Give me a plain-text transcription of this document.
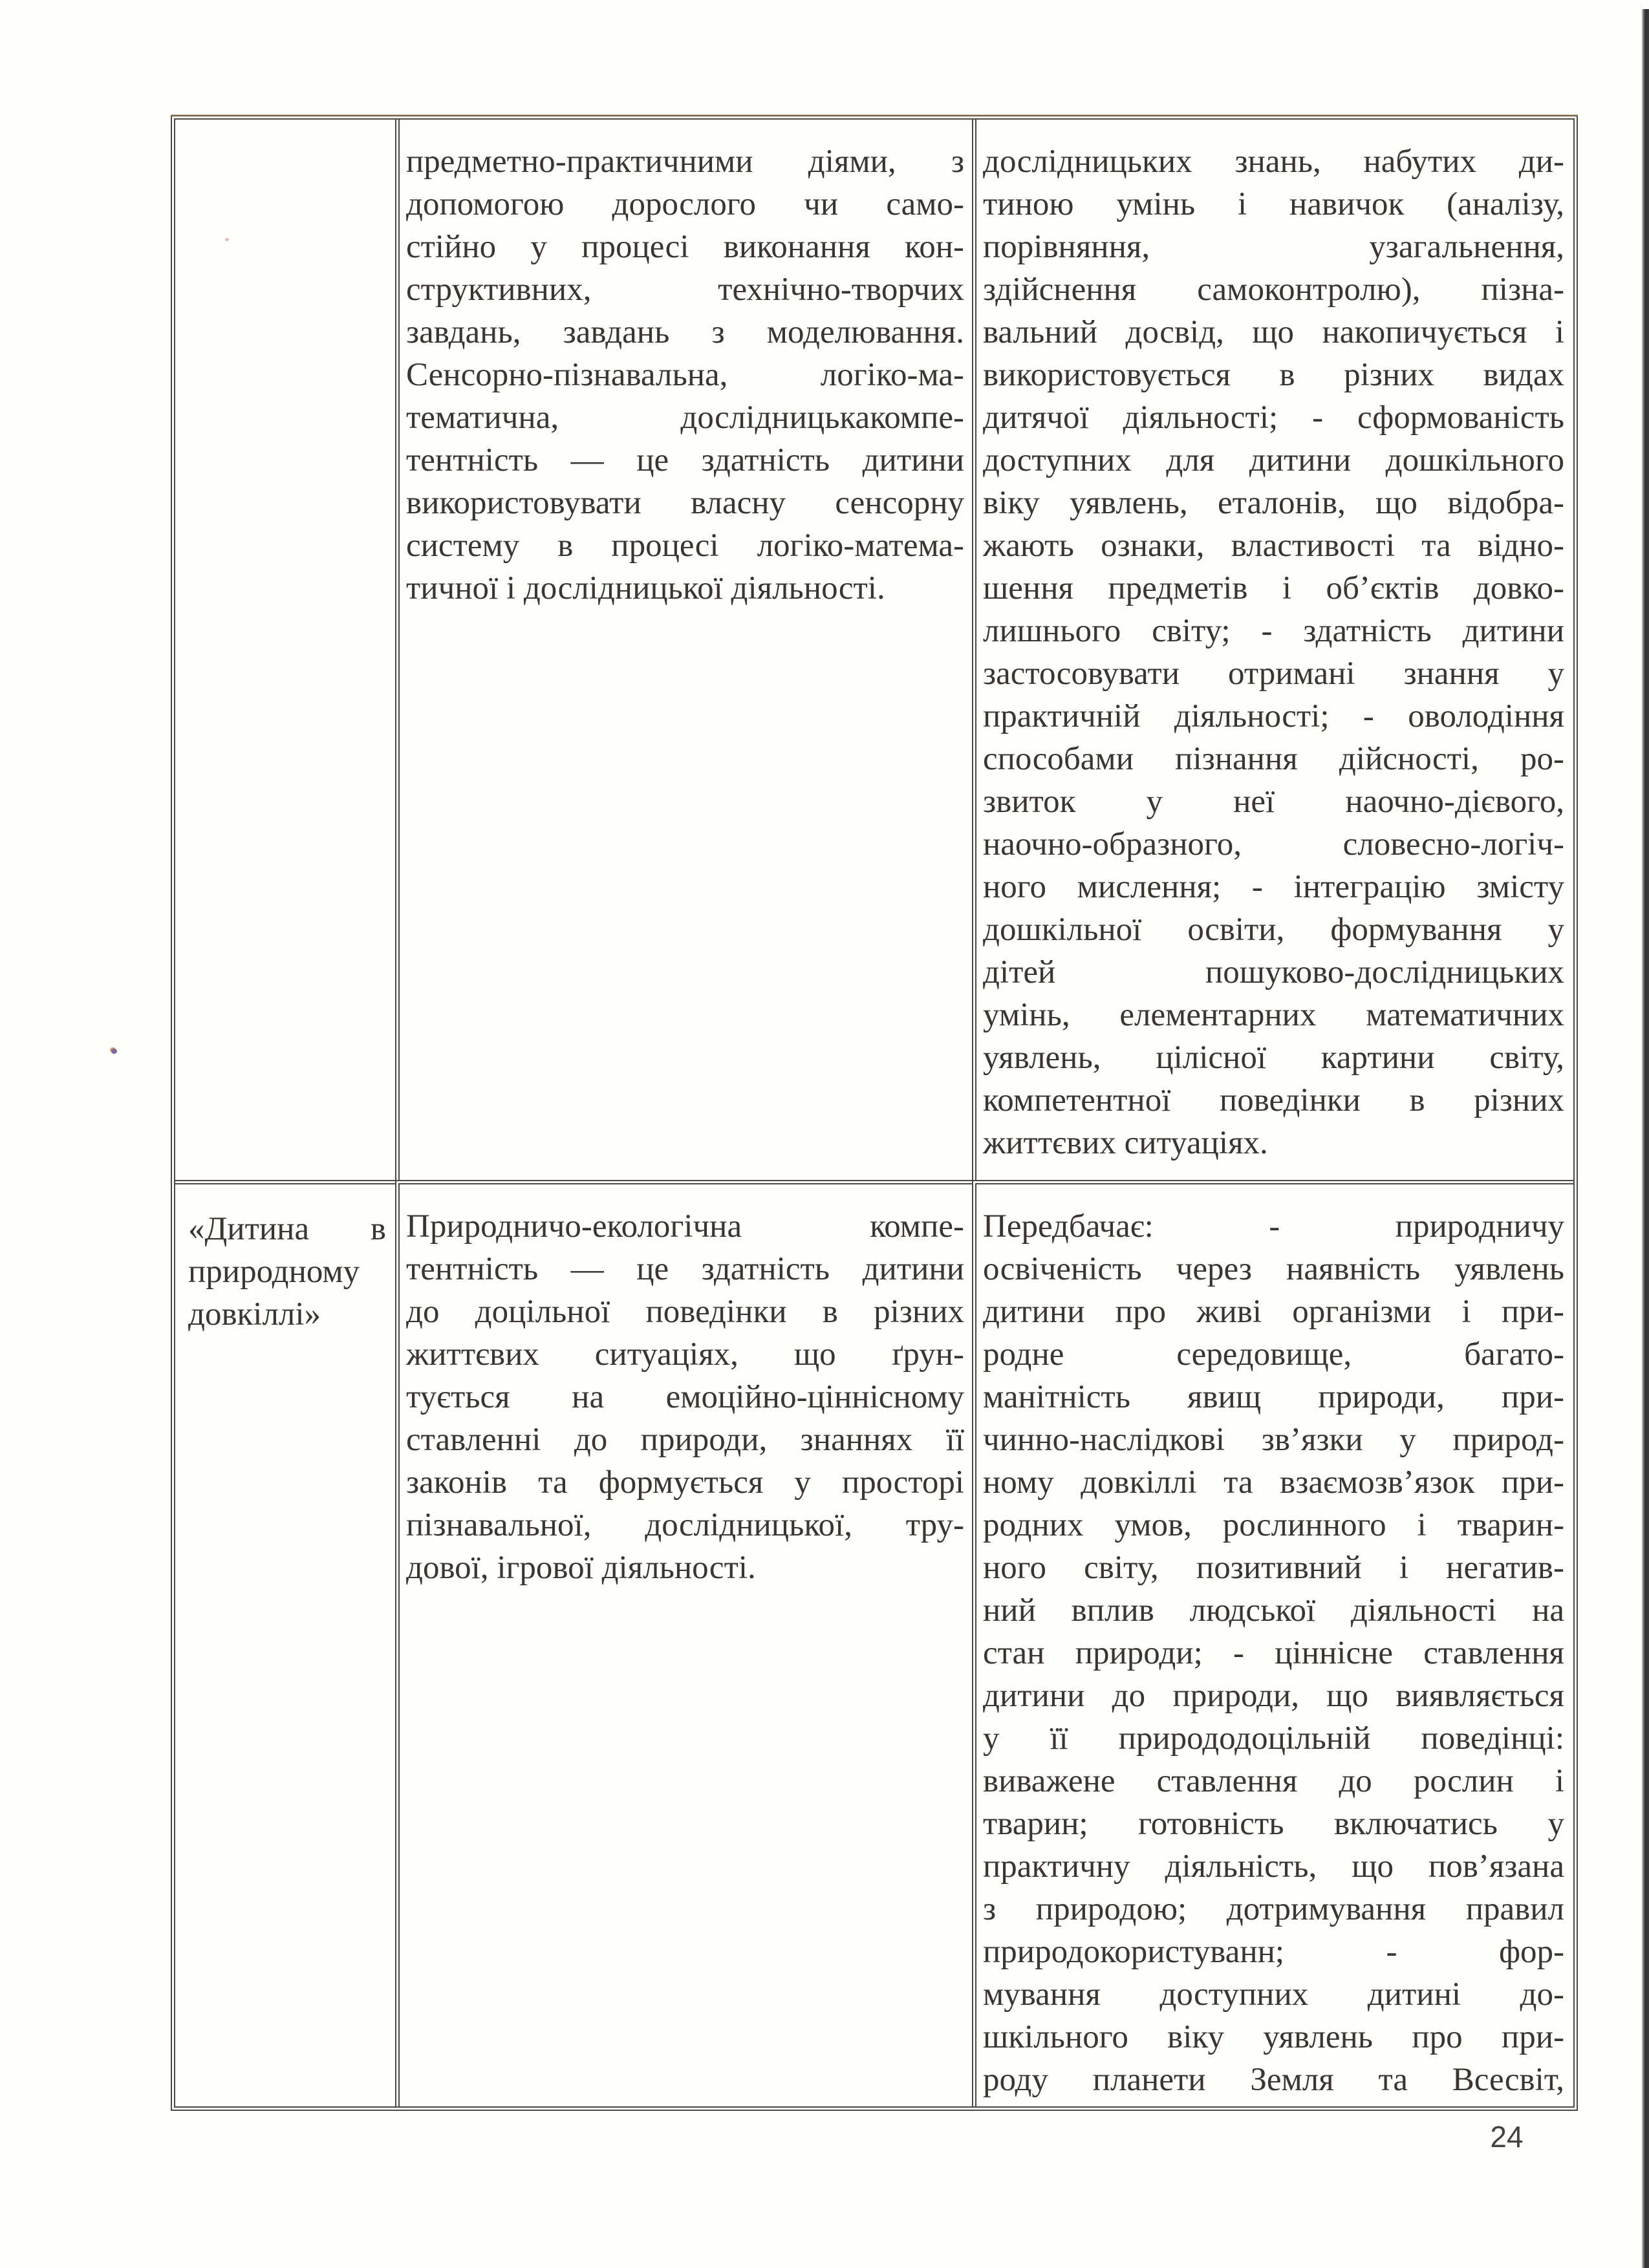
предметно-практичними діями, з
допомогою дорослого чи само-
стійно у процесі виконання кон-
структивних, технічно-творчих
завдань, завдань з моделювання.
Сенсорно-пізнавальна, логіко-ма-
тематична, дослідницькакомпе-
тентність — це здатність дитини
використовувати власну сенсорну
систему в процесі логіко-матема-
тичної і дослідницької діяльності.
дослідницьких знань, набутих ди-
тиною умінь і навичок (аналізу,
порівняння, узагальнення,
здійснення самоконтролю), пізна-
вальний досвід, що накопичується і
використовується в різних видах
дитячої діяльності; - сформованість
доступних для дитини дошкільного
віку уявлень, еталонів, що відобра-
жають ознаки, властивості та відно-
шення предметів і об’єктів довко-
лишнього світу; - здатність дитини
застосовувати отримані знання у
практичній діяльності; - оволодіння
способами пізнання дійсності, ро-
звиток у неї наочно-дієвого,
наочно-образного, словесно-логіч-
ного мислення; - інтеграцію змісту
дошкільної освіти, формування у
дітей пошуково-дослідницьких
умінь, елементарних математичних
уявлень, цілісної картини світу,
компетентної поведінки в різних
життєвих ситуаціях.
«Дитина в
природному
довкіллі»
Природничо-екологічна компе-
тентність — це здатність дитини
до доцільної поведінки в різних
життєвих ситуаціях, що ґрун-
тується на емоційно-ціннісному
ставленні до природи, знаннях її
законів та формується у просторі
пізнавальної, дослідницької, тру-
дової, ігрової діяльності.
Передбачає: - природничу
освіченість через наявність уявлень
дитини про живі організми і при-
родне середовище, багато-
манітність явищ природи, при-
чинно-наслідкові зв’язки у природ-
ному довкіллі та взаємозв’язок при-
родних умов, рослинного і тварин-
ного світу, позитивний і негатив-
ний вплив людської діяльності на
стан природи; - ціннісне ставлення
дитини до природи, що виявляється
у її природодоцільній поведінці:
виважене ставлення до рослин і
тварин; готовність включатись у
практичну діяльність, що пов’язана
з природою; дотримування правил
природокористуванн; - фор-
мування доступних дитині до-
шкільного віку уявлень про при-
роду планети Земля та Всесвіт,
24
